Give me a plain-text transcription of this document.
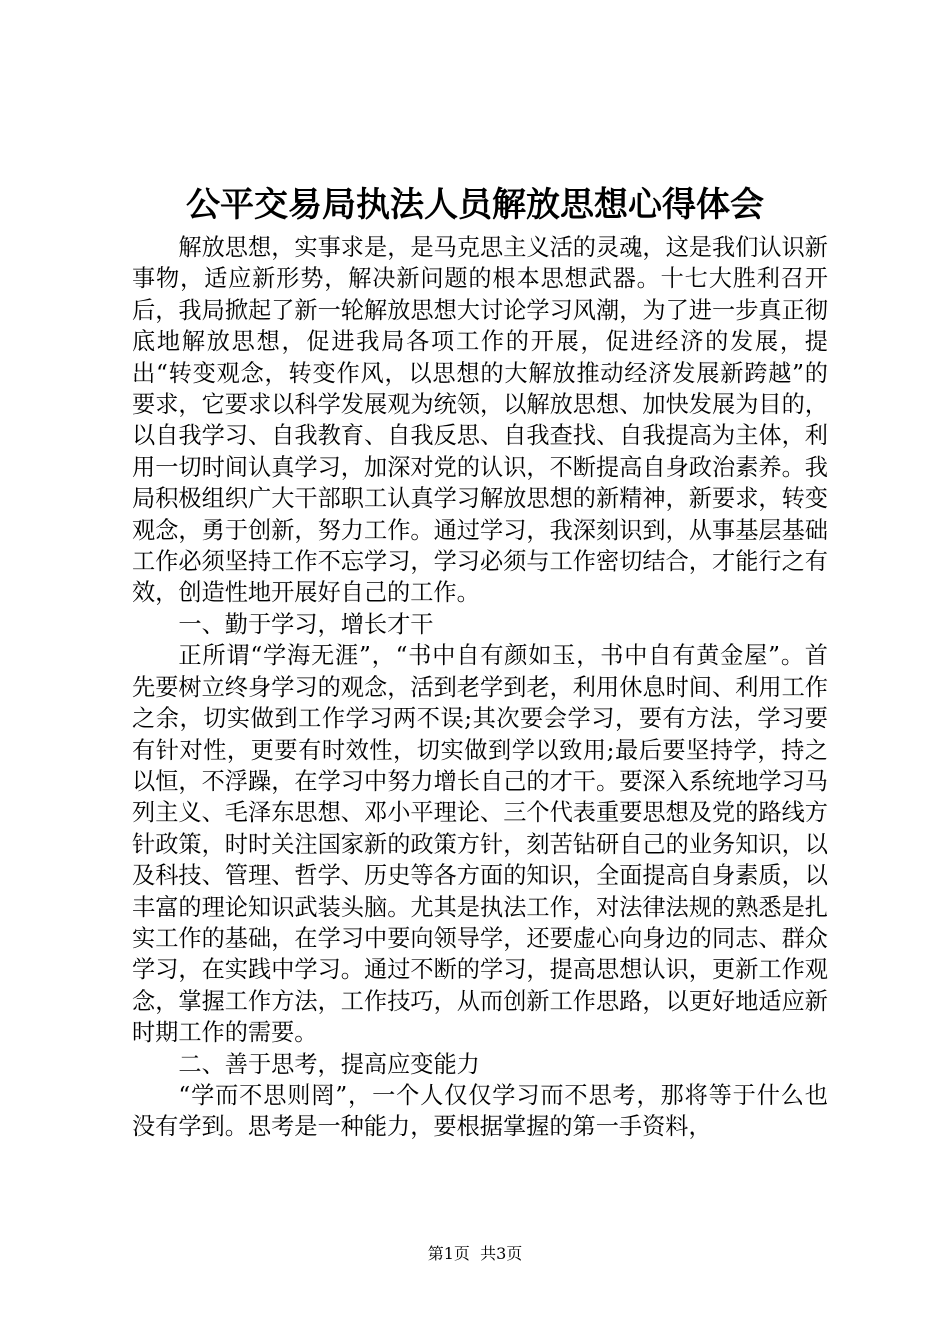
公平交易局执法人员解放思想心得体会

解放思想，实事求是，是马克思主义活的灵魂，这是我们认识新事物，适应新形势，解决新问题的根本思想武器。十七大胜利召开后，我局掀起了新一轮解放思想大讨论学习风潮，为了进一步真正彻底地解放思想，促进我局各项工作的开展，促进经济的发展，提出“转变观念，转变作风，以思想的大解放推动经济发展新跨越”的要求，它要求以科学发展观为统领，以解放思想、加快发展为目的，以自我学习、自我教育、自我反思、自我查找、自我提高为主体，利用一切时间认真学习，加深对党的认识，不断提高自身政治素养。我局积极组织广大干部职工认真学习解放思想的新精神，新要求，转变观念，勇于创新，努力工作。通过学习，我深刻识到，从事基层基础工作必须坚持工作不忘学习，学习必须与工作密切结合，才能行之有效，创造性地开展好自己的工作。

一、勤于学习，增长才干

正所谓“学海无涯”，“书中自有颜如玉，书中自有黄金屋”。首先要树立终身学习的观念，活到老学到老，利用休息时间、利用工作之余，切实做到工作学习两不误;其次要会学习，要有方法，学习要有针对性，更要有时效性，切实做到学以致用;最后要坚持学，持之以恒，不浮躁，在学习中努力增长自己的才干。要深入系统地学习马列主义、毛泽东思想、邓小平理论、三个代表重要思想及党的路线方针政策，时时关注国家新的政策方针，刻苦钻研自己的业务知识，以及科技、管理、哲学、历史等各方面的知识，全面提高自身素质，以丰富的理论知识武装头脑。尤其是执法工作，对法律法规的熟悉是扎实工作的基础，在学习中要向领导学，还要虚心向身边的同志、群众学习，在实践中学习。通过不断的学习，提高思想认识，更新工作观念，掌握工作方法，工作技巧，从而创新工作思路，以更好地适应新时期工作的需要。

二、善于思考，提高应变能力

“学而不思则罔”，一个人仅仅学习而不思考，那将等于什么也没有学到。思考是一种能力，要根据掌握的第一手资料，

第1页 共3页
